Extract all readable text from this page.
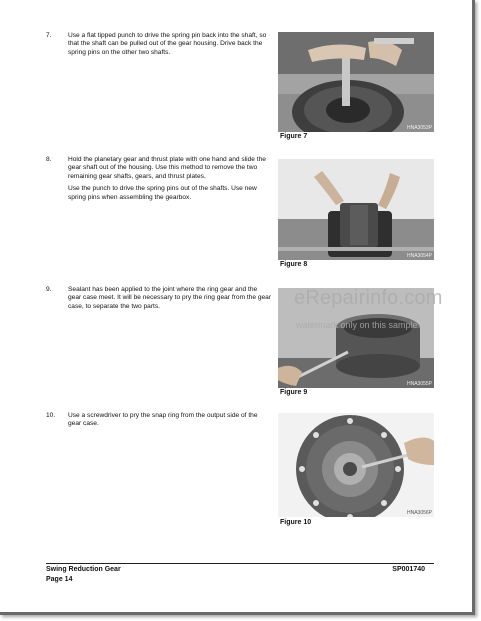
7.	Use a flat tipped punch to drive the spring pin back into the shaft, so that the shaft can be pulled out of the gear housing. Drive back the spring pins on the other two shafts.

HNA3053P
Figure 7
8.	Hold the planetary gear and thrust plate with one hand and slide the gear shaft out of the housing. Use this method to remove the two remaining gear shafts, gears, and thrust plates.

Use the punch to drive the spring pins out of the shafts. Use new spring pins when assembling the gearbox.

HNA3054P
Figure 8
9.	Sealant has been applied to the joint where the ring gear and the gear case meet. It will be necessary to pry the ring gear from the gear case, to separate the two parts.

HNA3055P
Figure 9
10. Use a screwdriver to pry the snap ring from the output side of the gear case.

HNA3056P
Figure 10
eRepairinfo.com
watermark only on this sample
Swing Reduction Gear
Page 14
SP001740
